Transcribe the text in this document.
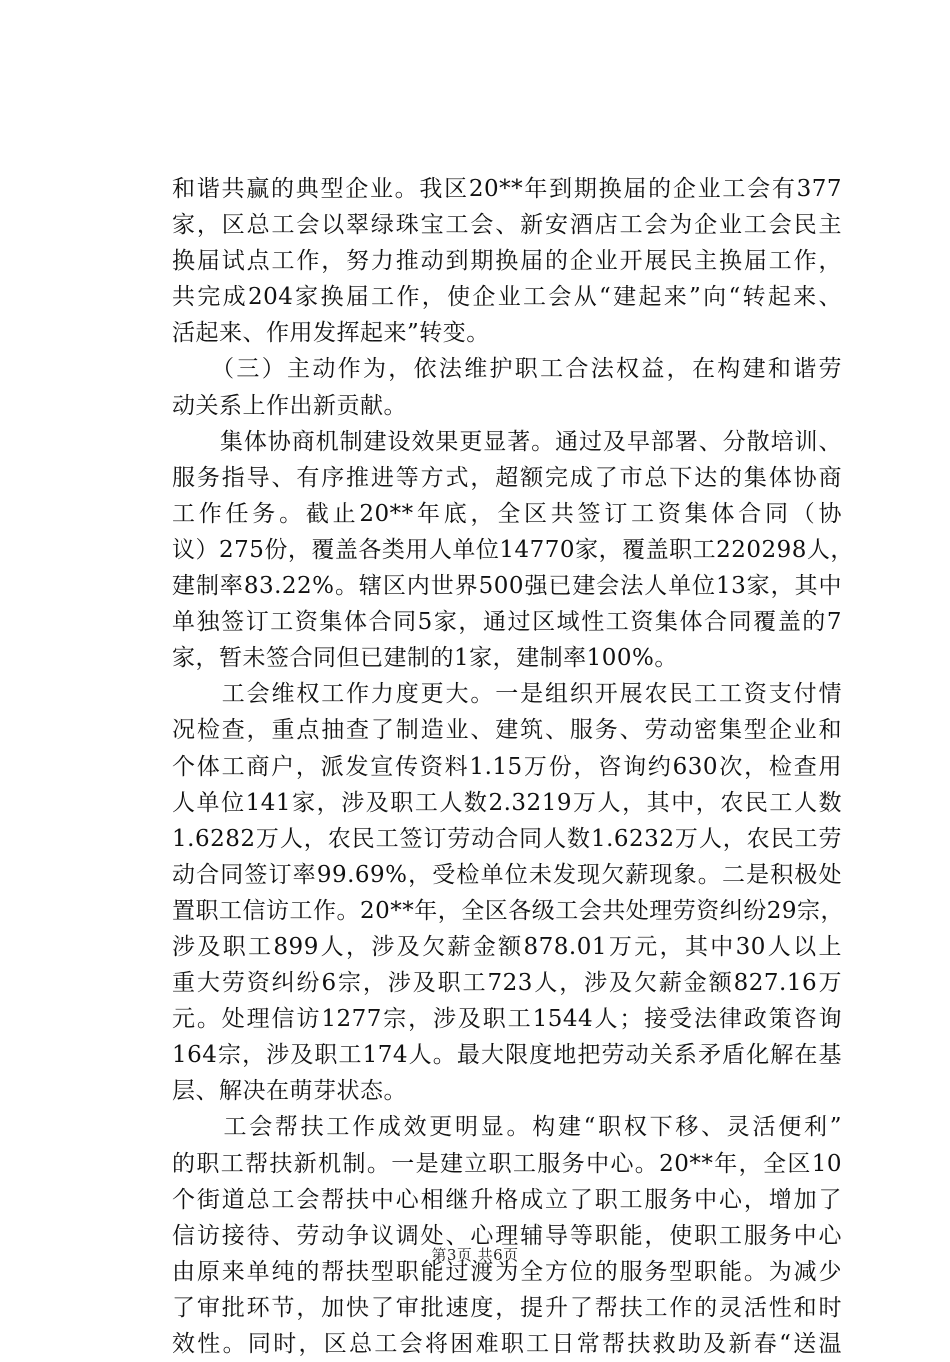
和谐共赢的典型企业。我区20**年到期换届的企业工会有377
家，区总工会以翠绿珠宝工会、新安酒店工会为企业工会民主
换届试点工作，努力推动到期换届的企业开展民主换届工作，
共完成204家换届工作，使企业工会从“建起来”向“转起来、
活起来、作用发挥起来”转变。
　　（三）主动作为，依法维护职工合法权益，在构建和谐劳
动关系上作出新贡献。
　　集体协商机制建设效果更显著。通过及早部署、分散培训、
服务指导、有序推进等方式，超额完成了市总下达的集体协商
工作任务。截止20**年底，全区共签订工资集体合同（协
议）275份，覆盖各类用人单位14770家，覆盖职工220298人，
建制率83.22%。辖区内世界500强已建会法人单位13家，其中
单独签订工资集体合同5家，通过区域性工资集体合同覆盖的7
家，暂未签合同但已建制的1家，建制率100%。
　　工会维权工作力度更大。一是组织开展农民工工资支付情
况检查，重点抽查了制造业、建筑、服务、劳动密集型企业和
个体工商户，派发宣传资料1.15万份，咨询约630次，检查用
人单位141家，涉及职工人数2.3219万人，其中，农民工人数
1.6282万人，农民工签订劳动合同人数1.6232万人，农民工劳
动合同签订率99.69%，受检单位未发现欠薪现象。二是积极处
置职工信访工作。20**年，全区各级工会共处理劳资纠纷29宗，
涉及职工899人，涉及欠薪金额878.01万元，其中30人以上
重大劳资纠纷6宗，涉及职工723人，涉及欠薪金额827.16万
元。处理信访1277宗，涉及职工1544人；接受法律政策咨询
164宗，涉及职工174人。最大限度地把劳动关系矛盾化解在基
层、解决在萌芽状态。
　　工会帮扶工作成效更明显。构建“职权下移、灵活便利”
的职工帮扶新机制。一是建立职工服务中心。20**年，全区10
个街道总工会帮扶中心相继升格成立了职工服务中心，增加了
信访接待、劳动争议调处、心理辅导等职能，使职工服务中心
由原来单纯的帮扶型职能过渡为全方位的服务型职能。为减少
了审批环节，加快了审批速度，提升了帮扶工作的灵活性和时
效性。同时，区总工会将困难职工日常帮扶救助及新春“送温
第3页 共6页
